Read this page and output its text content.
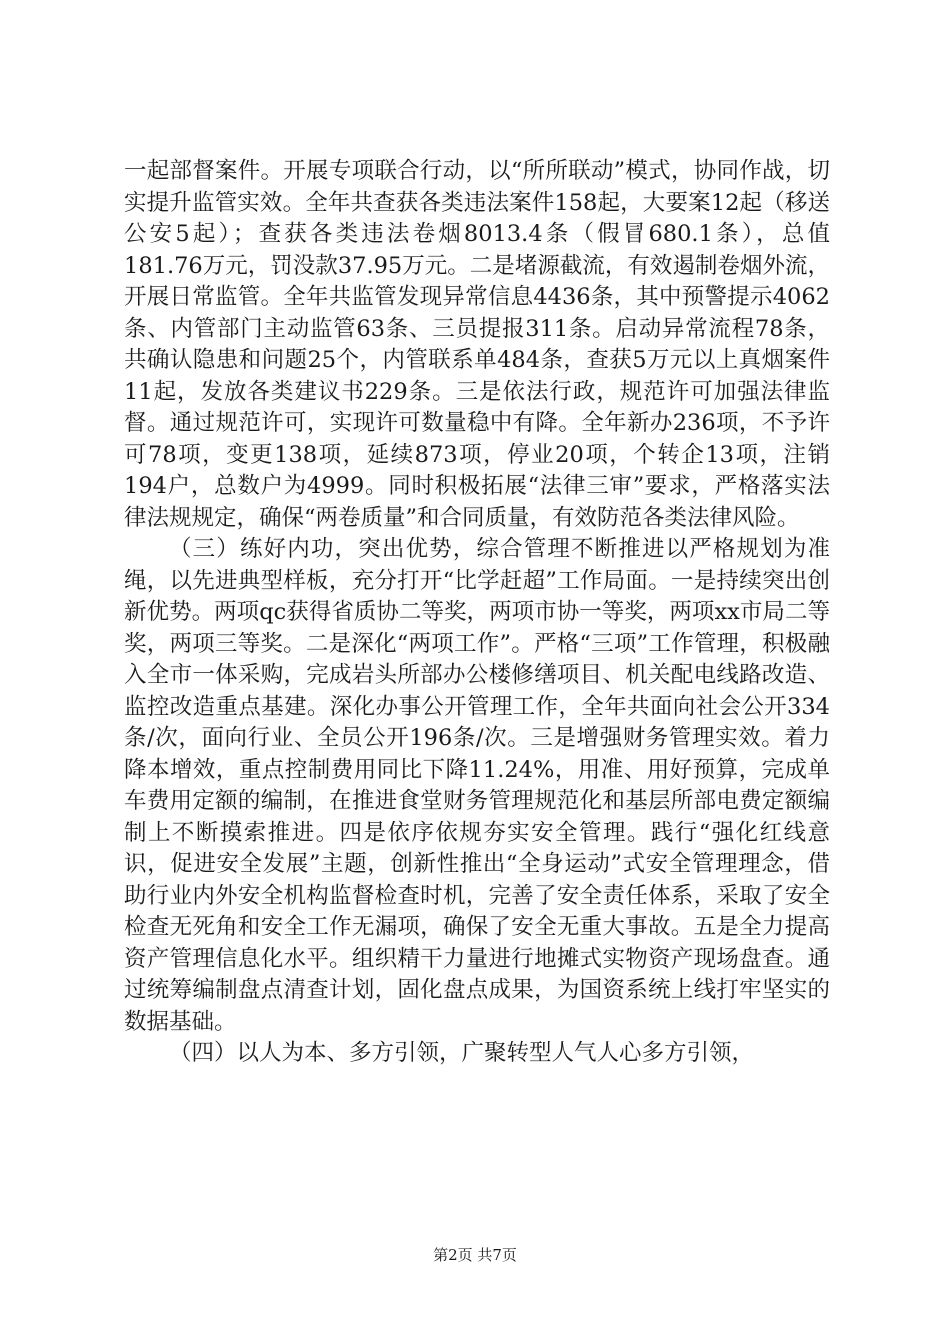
一起部督案件。开展专项联合行动，以“所所联动”模式，协同作战，切实提升监管实效。全年共查获各类违法案件158起，大要案12起（移送公安5起）；查获各类违法卷烟8013.4条（假冒680.1条），总值181.76万元，罚没款37.95万元。二是堵源截流，有效遏制卷烟外流，开展日常监管。全年共监管发现异常信息4436条，其中预警提示4062条、内管部门主动监管63条、三员提报311条。启动异常流程78条，共确认隐患和问题25个，内管联系单484条，查获5万元以上真烟案件11起，发放各类建议书229条。三是依法行政，规范许可加强法律监督。通过规范许可，实现许可数量稳中有降。全年新办236项，不予许可78项，变更138项，延续873项，停业20项，个转企13项，注销194户，总数户为4999。同时积极拓展“法律三审”要求，严格落实法律法规规定，确保“两卷质量”和合同质量，有效防范各类法律风险。

（三）练好内功，突出优势，综合管理不断推进以严格规划为准绳，以先进典型样板，充分打开“比学赶超”工作局面。一是持续突出创新优势。两项qc获得省质协二等奖，两项市协一等奖，两项xx市局二等奖，两项三等奖。二是深化“两项工作”。严格“三项”工作管理，积极融入全市一体采购，完成岩头所部办公楼修缮项目、机关配电线路改造、监控改造重点基建。深化办事公开管理工作，全年共面向社会公开334条/次，面向行业、全员公开196条/次。三是增强财务管理实效。着力降本增效，重点控制费用同比下降11.24%，用准、用好预算，完成单车费用定额的编制，在推进食堂财务管理规范化和基层所部电费定额编制上不断摸索推进。四是依序依规夯实安全管理。践行“强化红线意识，促进安全发展”主题，创新性推出“全身运动”式安全管理理念，借助行业内外安全机构监督检查时机，完善了安全责任体系，采取了安全检查无死角和安全工作无漏项，确保了安全无重大事故。五是全力提高资产管理信息化水平。组织精干力量进行地摊式实物资产现场盘查。通过统筹编制盘点清查计划，固化盘点成果，为国资系统上线打牢坚实的数据基础。

（四）以人为本、多方引领，广聚转型人气人心多方引领，

第2页 共7页
